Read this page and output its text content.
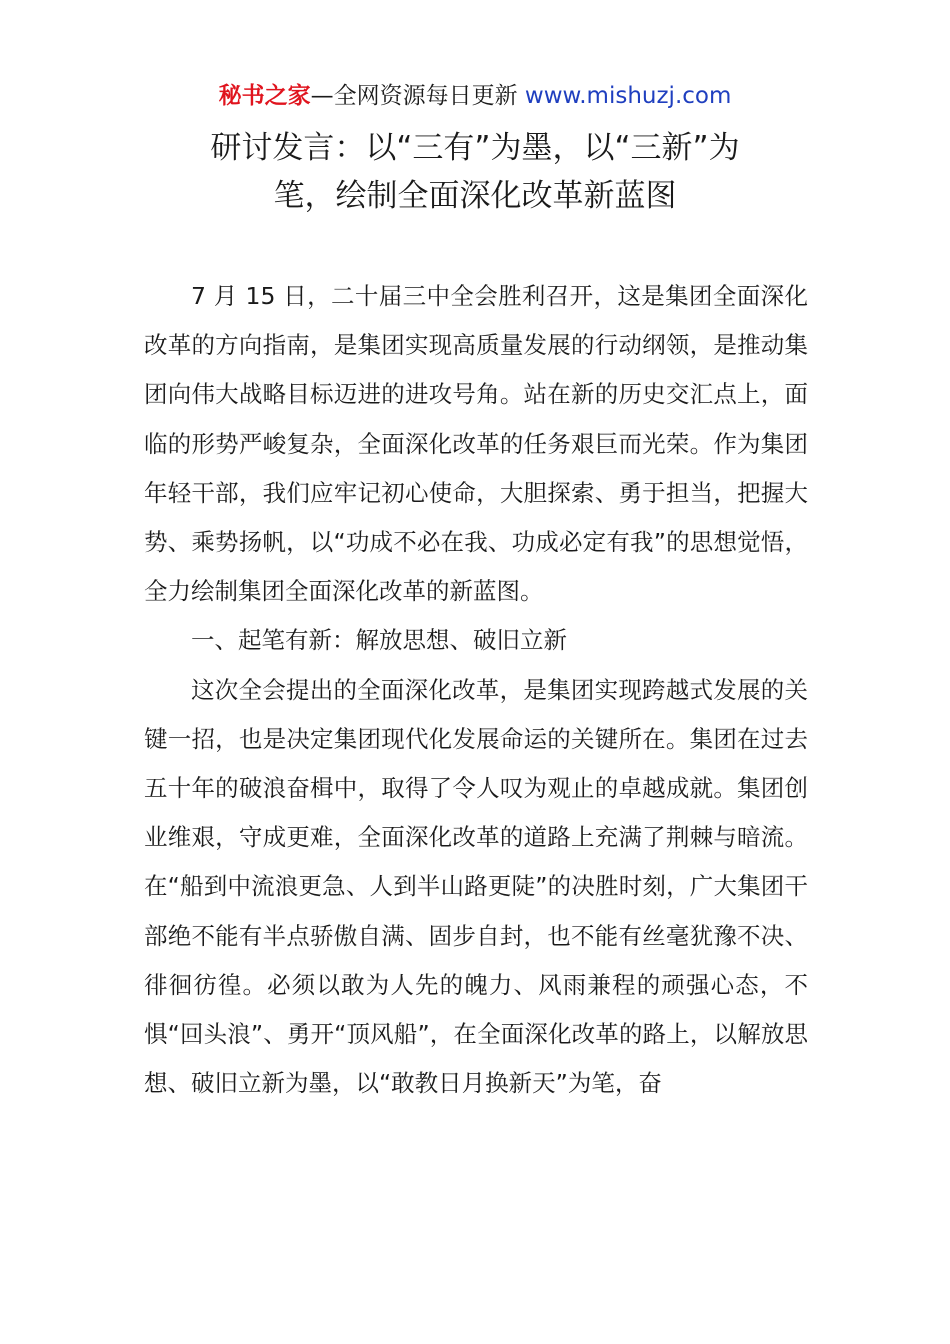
秘书之家—全网资源每日更新 www.mishuzj.com
研讨发言：以“三有”为墨，以“三新”为
笔，绘制全面深化改革新蓝图

7 月 15 日，二十届三中全会胜利召开，这是集团全面深化改革的方向指南，是集团实现高质量发展的行动纲领，是推动集团向伟大战略目标迈进的进攻号角。站在新的历史交汇点上，面临的形势严峻复杂，全面深化改革的任务艰巨而光荣。作为集团年轻干部，我们应牢记初心使命，大胆探索、勇于担当，把握大势、乘势扬帆，以“功成不必在我、功成必定有我”的思想觉悟，全力绘制集团全面深化改革的新蓝图。

一、起笔有新：解放思想、破旧立新

这次全会提出的全面深化改革，是集团实现跨越式发展的关键一招，也是决定集团现代化发展命运的关键所在。集团在过去五十年的破浪奋楫中，取得了令人叹为观止的卓越成就。集团创业维艰，守成更难，全面深化改革的道路上充满了荆棘与暗流。在“船到中流浪更急、人到半山路更陡”的决胜时刻，广大集团干部绝不能有半点骄傲自满、固步自封，也不能有丝毫犹豫不决、徘徊彷徨。必须以敢为人先的魄力、风雨兼程的顽强心态，不惧“回头浪”、勇开“顶风船”，在全面深化改革的路上，以解放思想、破旧立新为墨，以“敢教日月换新天”为笔，奋
